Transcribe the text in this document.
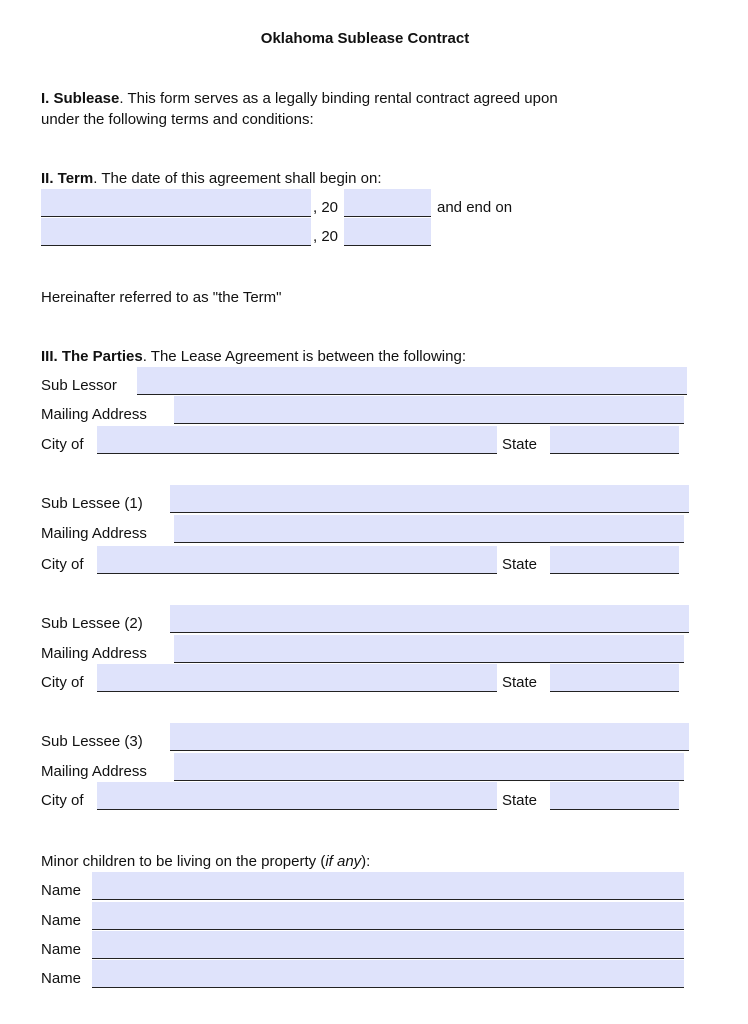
Oklahoma Sublease Contract
I. Sublease. This form serves as a legally binding rental contract agreed upon
under the following terms and conditions:
II. Term. The date of this agreement shall begin on:
, 20	and end on
, 20
Hereinafter referred to as "the Term"
III. The Parties. The Lease Agreement is between the following:
Sub Lessor
Mailing Address
City of	State
Sub Lessee (1)
Mailing Address
City of	State
Sub Lessee (2)
Mailing Address
City of	State
Sub Lessee (3)
Mailing Address
City of	State
Minor children to be living on the property (if any):
Name
Name
Name
Name
